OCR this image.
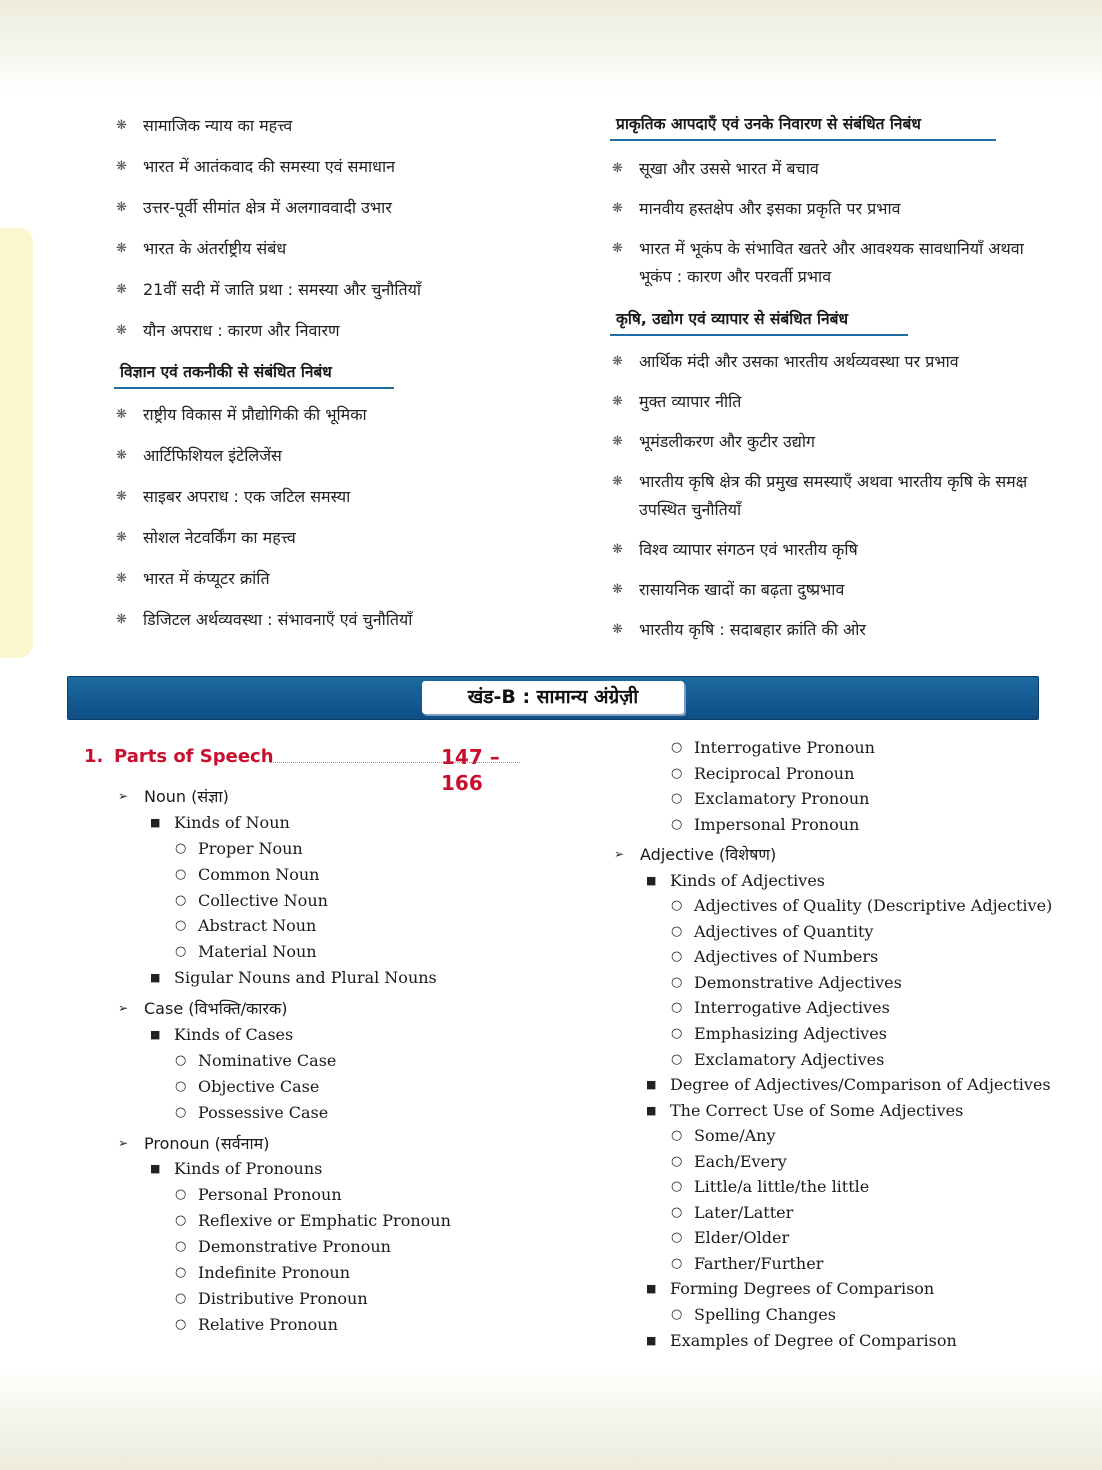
❋ सामाजिक न्याय का महत्त्व
❋ भारत में आतंकवाद की समस्या एवं समाधान
❋ उत्तर-पूर्वी सीमांत क्षेत्र में अलगाववादी उभार
❋ भारत के अंतर्राष्ट्रीय संबंध
❋ 21वीं सदी में जाति प्रथा : समस्या और चुनौतियाँ
❋ यौन अपराध : कारण और निवारण
विज्ञान एवं तकनीकी से संबंधित निबंध
❋ राष्ट्रीय विकास में प्रौद्योगिकी की भूमिका
❋ आर्टिफिशियल इंटेलिजेंस
❋ साइबर अपराध : एक जटिल समस्या
❋ सोशल नेटवर्किंग का महत्त्व
❋ भारत में कंप्यूटर क्रांति
❋ डिजिटल अर्थव्यवस्था : संभावनाएँ एवं चुनौतियाँ
प्राकृतिक आपदाएँ एवं उनके निवारण से संबंधित निबंध
❋ सूखा और उससे भारत में बचाव
❋ मानवीय हस्तक्षेप और इसका प्रकृति पर प्रभाव
❋ भारत में भूकंप के संभावित खतरे और आवश्यक सावधानियाँ अथवा भूकंप : कारण और परवर्ती प्रभाव
कृषि, उद्योग एवं व्यापार से संबंधित निबंध
❋ आर्थिक मंदी और उसका भारतीय अर्थव्यवस्था पर प्रभाव
❋ मुक्त व्यापार नीति
❋ भूमंडलीकरण और कुटीर उद्योग
❋ भारतीय कृषि क्षेत्र की प्रमुख समस्याएँ अथवा भारतीय कृषि के समक्ष उपस्थित चुनौतियाँ
❋ विश्व व्यापार संगठन एवं भारतीय कृषि
❋ रासायनिक खादों का बढ़ता दुष्प्रभाव
❋ भारतीय कृषि : सदाबहार क्रांति की ओर
खंड-B : सामान्य अंग्रेज़ी
1. Parts of Speech	147 – 166
➢ Noun (संज्ञा)
■ Kinds of Noun
○ Proper Noun
○ Common Noun
○ Collective Noun
○ Abstract Noun
○ Material Noun
■ Sigular Nouns and Plural Nouns
➢ Case (विभक्ति/कारक)
■ Kinds of Cases
○ Nominative Case
○ Objective Case
○ Possessive Case
➢ Pronoun (सर्वनाम)
■ Kinds of Pronouns
○ Personal Pronoun
○ Reflexive or Emphatic Pronoun
○ Demonstrative Pronoun
○ Indefinite Pronoun
○ Distributive Pronoun
○ Relative Pronoun
○ Interrogative Pronoun
○ Reciprocal Pronoun
○ Exclamatory Pronoun
○ Impersonal Pronoun
➢ Adjective (विशेषण)
■ Kinds of Adjectives
○ Adjectives of Quality (Descriptive Adjective)
○ Adjectives of Quantity
○ Adjectives of Numbers
○ Demonstrative Adjectives
○ Interrogative Adjectives
○ Emphasizing Adjectives
○ Exclamatory Adjectives
■ Degree of Adjectives/Comparison of Adjectives
■ The Correct Use of Some Adjectives
○ Some/Any
○ Each/Every
○ Little/a little/the little
○ Later/Latter
○ Elder/Older
○ Farther/Further
■ Forming Degrees of Comparison
○ Spelling Changes
■ Examples of Degree of Comparison
